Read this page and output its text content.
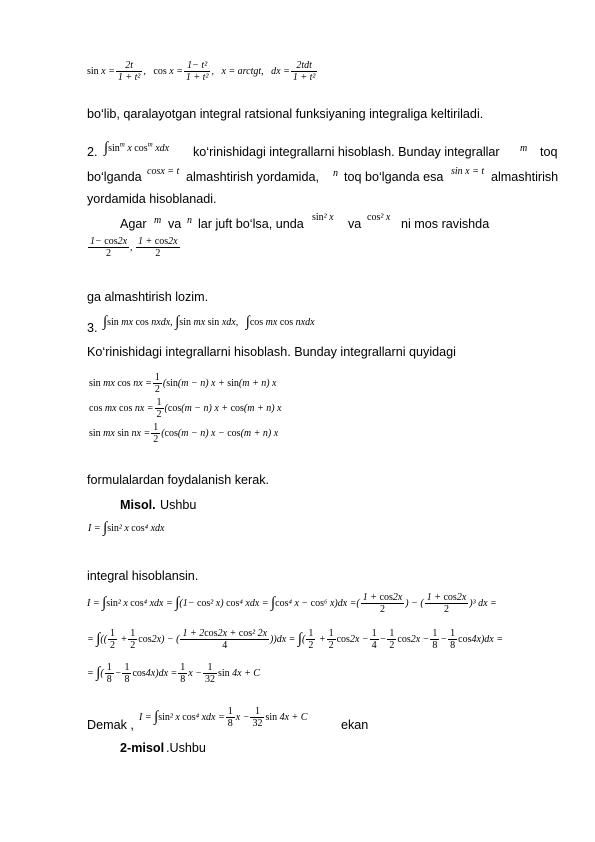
$\sin x = \frac{2t}{\text{1 + t²}}$ ,   $\cos x = \frac{\text{1− t²}}{\text{1 + t²}}$ ,   x = arctgt,   dx = $\frac{\text{2tdt}}{\text{1 + t²}}$
bo‘lib, qaralayotgan integral ratsional funksiyaning integraliga keltiriladi.
2. $\int\sin^m$ x $\cos^m$ xdx ko‘rinishidagi integrallarni hisoblash. Bunday integrallar m toq
bo‘lganda cosx = t almashtirish yordamida, n toq bo‘lganda esa sin x = t almashtirish
yordamida hisoblanadi.
Agar m va n lar juft bo‘lsa, unda sin² x va cos² x ni mos ravishda
$\frac{1- \cos 2x}{2}$ , $\frac{1 + \cos 2x}{2}$
ga almashtirish lozim.
3. ∫sin mx cos nxdx, ∫sin mx sin xdx,   ∫cos mx cos nxdx
Ko‘rinishidagi integrallarni hisoblash. Bunday integrallarni quyidagi
sin mx cos nx = $\frac{1}{2} (\sin(m - n) x + \sin(m + n)$ x
cos mx cos nx = $\frac{1}{2} (\cos(m - n) x + \cos(m + n)$ x
sin mx sin nx = $\frac{1}{2} (\cos(m - n) x - \cos(m + n)$ x
formulalardan foydalanish kerak.
Misol. Ushbu
I = ∫sin² x cos⁴ xdx
integral hisoblansin.
I = ∫sin² x cos⁴ xdx = ∫(1− cos² x) cos⁴ xdx = ∫cos⁴ x − cos⁶ x)dx =( $\frac{1 + \cos 2x}{2}$ ) − ( $\frac{1 + \cos 2x}{2} )^3$ dx =
= ∫(( $\frac{1}{2} + \frac{1}{2} \cos 2x$) − ( $\frac{\text{1 + 2cos2x + cos² 2x}}{4} ))dx$ = ∫( $\frac{1}{2} + \frac{1}{2} \cos 2x - \frac{1}{4} - \frac{1}{2} \cos 2x - \frac{1}{8} - \frac{1}{8} \cos 4x)dx$ =
= ∫( $\frac{1}{8} - \frac{1}{8} \cos 4x)dx = \frac{1}{8}$ $x - \frac{1}{32}$ sin 4x + C
Demak ,
I = ∫sin² x cos⁴ xdx = $\frac{1}{8}$ $x - \frac{1}{32}$ sin 4x + C
ekan
2-misol .Ushbu
